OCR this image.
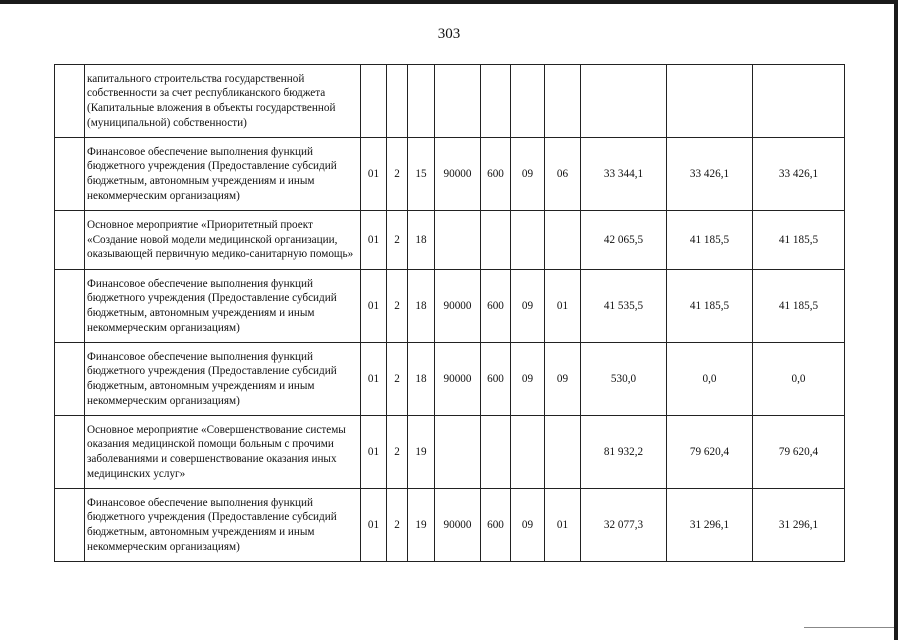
303
	капитального строительства государственной собственности за счет республиканского бюджета (Капитальные вложения в объекты государственной (муниципальной) собственности)										
	Финансовое обеспечение выполнения функций бюджетного учреждения (Предоставление субсидий бюджетным, автономным учреждениям и иным некоммерческим организациям)	01	2	15	90000	600	09	06	33 344,1	33 426,1	33 426,1
	Основное мероприятие «Приоритетный проект «Создание новой модели медицинской организации, оказывающей первичную медико-санитарную помощь»	01	2	18					42 065,5	41 185,5	41 185,5
	Финансовое обеспечение выполнения функций бюджетного учреждения (Предоставление субсидий бюджетным, автономным учреждениям и иным некоммерческим организациям)	01	2	18	90000	600	09	01	41 535,5	41 185,5	41 185,5
	Финансовое обеспечение выполнения функций бюджетного учреждения (Предоставление субсидий бюджетным, автономным учреждениям и иным некоммерческим организациям)	01	2	18	90000	600	09	09	530,0	0,0	0,0
	Основное мероприятие «Совершенствование системы оказания медицинской помощи больным с прочими заболеваниями и совершенствование оказания иных медицинских услуг»	01	2	19					81 932,2	79 620,4	79 620,4
	Финансовое обеспечение выполнения функций бюджетного учреждения (Предоставление субсидий бюджетным, автономным учреждениям и иным некоммерческим организациям)	01	2	19	90000	600	09	01	32 077,3	31 296,1	31 296,1
